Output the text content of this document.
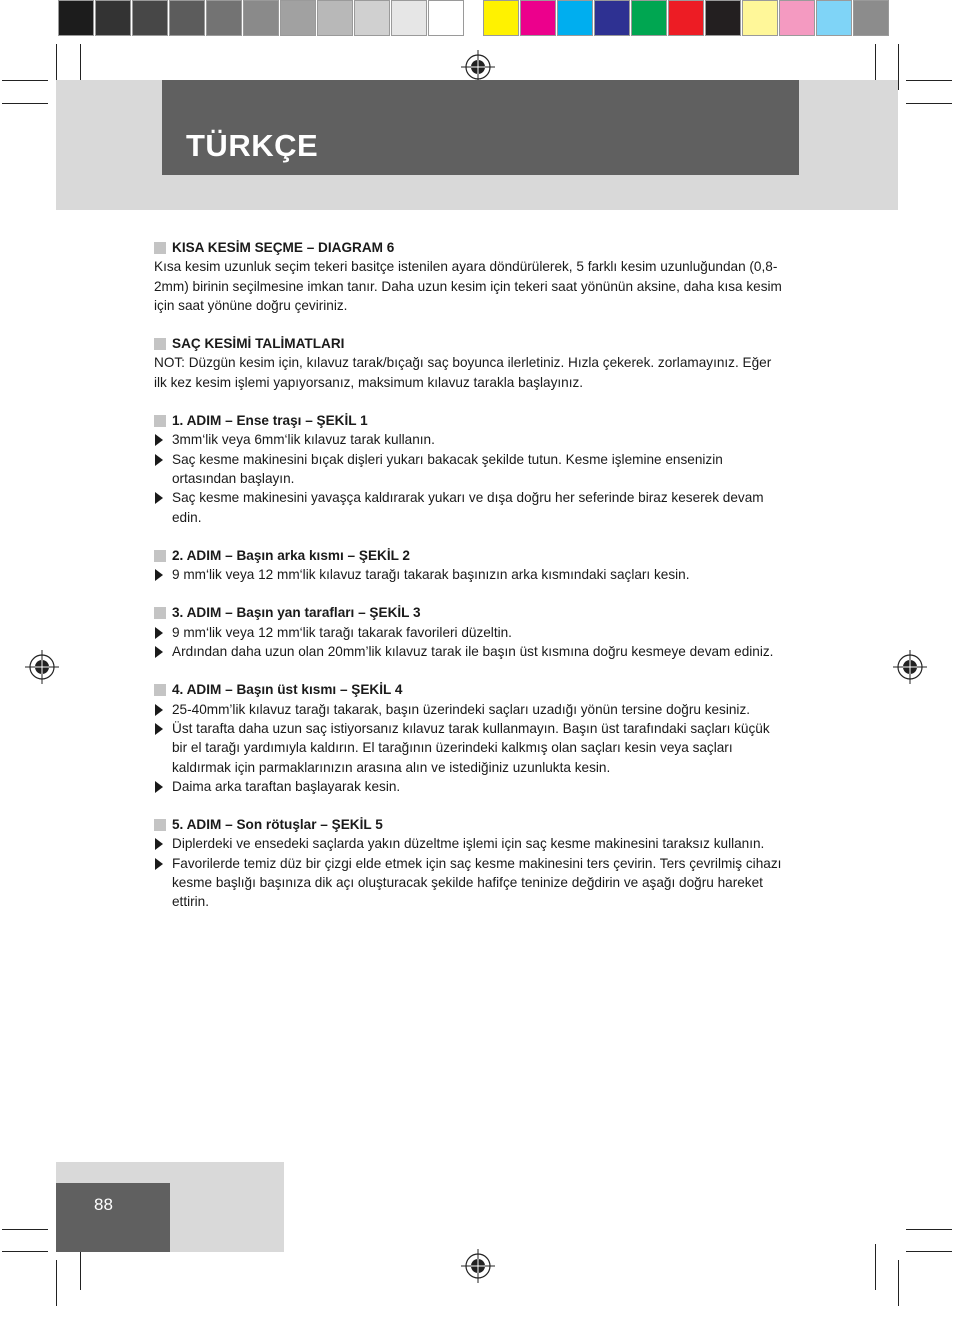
TÜRKÇE
KISA KESİM SEÇME – DIAGRAM 6

Kısa kesim uzunluk seçim tekeri basitçe istenilen ayara döndürülerek, 5 farklı kesim uzunluğundan (0,8-2mm) birinin seçilmesine imkan tanır. Daha uzun kesim için tekeri saat yönünün aksine, daha kısa kesim için saat yönüne doğru çeviriniz.

SAÇ KESİMİ TALİMATLARI

NOT: Düzgün kesim için, kılavuz tarak/bıçağı saç boyunca ilerletiniz. Hızla çekerek. zorlamayınız. Eğer ilk kez kesim işlemi yapıyorsanız, maksimum kılavuz tarakla başlayınız.

1. ADIM – Ense traşı – ŞEKİL 1
3mm‘lik veya 6mm‘lik kılavuz tarak kullanın.
Saç kesme makinesini bıçak dişleri yukarı bakacak şekilde tutun. Kesme işlemine ensenizin ortasından başlayın.
Saç kesme makinesini yavaşça kaldırarak yukarı ve dışa doğru her seferinde biraz keserek devam edin.
2. ADIM – Başın arka kısmı – ŞEKİL 2
9 mm‘lik veya 12 mm‘lik kılavuz tarağı takarak başınızın arka kısmındaki saçları kesin.
3. ADIM – Başın yan tarafları – ŞEKİL 3
9 mm‘lik veya 12 mm‘lik tarağı takarak favorileri düzeltin.
Ardından daha uzun olan 20mm’lik kılavuz tarak ile başın üst kısmına doğru kesmeye devam ediniz.
4. ADIM – Başın üst kısmı – ŞEKİL 4
25-40mm’lik kılavuz tarağı takarak, başın üzerindeki saçları uzadığı yönün tersine doğru kesiniz.
Üst tarafta daha uzun saç istiyorsanız kılavuz tarak kullanmayın. Başın üst tarafındaki saçları küçük bir el tarağı yardımıyla kaldırın. El tarağının üzerindeki kalkmış olan saçları kesin veya saçları kaldırmak için parmaklarınızın arasına alın ve istediğiniz uzunlukta kesin.
Daima arka taraftan başlayarak kesin.
5. ADIM – Son rötuşlar – ŞEKİL 5
Diplerdeki ve ensedeki saçlarda yakın düzeltme işlemi için saç kesme makinesini taraksız kullanın.
Favorilerde temiz düz bir çizgi elde etmek için saç kesme makinesini ters çevirin. Ters çevrilmiş cihazı kesme başlığı başınıza dik açı oluşturacak şekilde hafifçe teninize değdirin ve aşağı doğru hareket ettirin.
88
